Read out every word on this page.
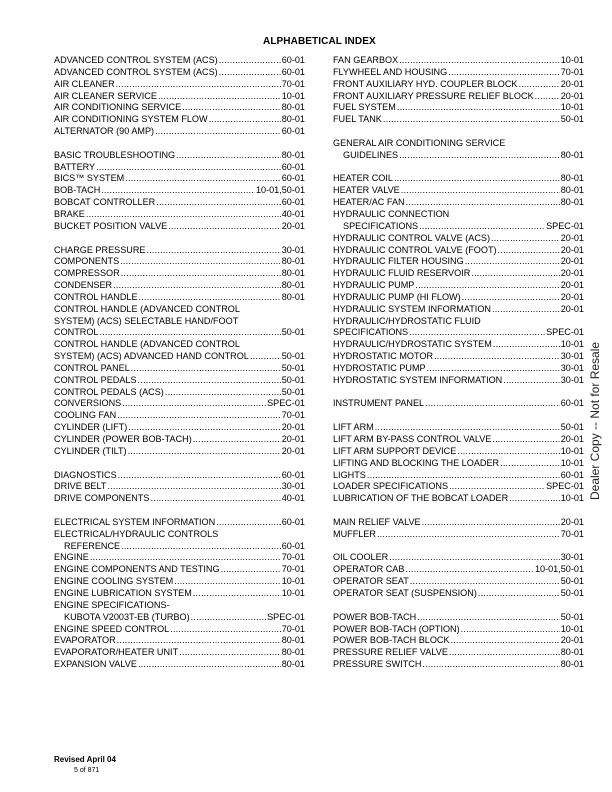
ALPHABETICAL INDEX
ADVANCED CONTROL SYSTEM (ACS) .....	60-01
ADVANCED CONTROL SYSTEM (ACS) .....	60-01
AIR CLEANER .....	70-01
AIR CLEANER SERVICE .....	10-01
AIR CONDITIONING SERVICE .....	80-01
AIR CONDITIONING SYSTEM FLOW .....	80-01
ALTERNATOR (90 AMP) .....	60-01
BASIC TROUBLESHOOTING .....	80-01
BATTERY .....	60-01
BICS™ SYSTEM .....	60-01
BOB-TACH .....	10-01,50-01
BOBCAT CONTROLLER .....	60-01
BRAKE .....	40-01
BUCKET POSITION VALVE .....	20-01
CHARGE PRESSURE .....	30-01
COMPONENTS .....	80-01
COMPRESSOR .....	80-01
CONDENSER .....	80-01
CONTROL HANDLE .....	80-01
CONTROL HANDLE (ADVANCED CONTROL
SYSTEM) (ACS) SELECTABLE HAND/FOOT
CONTROL .....	50-01
CONTROL HANDLE (ADVANCED CONTROL
SYSTEM) (ACS) ADVANCED HAND CONTROL .....	50-01
CONTROL PANEL .....	50-01
CONTROL PEDALS .....	50-01
CONTROL PEDALS (ACS) .....	50-01
CONVERSIONS .....	SPEC-01
COOLING FAN .....	70-01
CYLINDER (LIFT) .....	20-01
CYLINDER (POWER BOB-TACH) .....	20-01
CYLINDER (TILT) .....	20-01
DIAGNOSTICS .....	60-01
DRIVE BELT .....	30-01
DRIVE COMPONENTS .....	40-01
ELECTRICAL SYSTEM INFORMATION .....	60-01
ELECTRICAL/HYDRAULIC CONTROLS
REFERENCE .....	60-01
ENGINE .....	70-01
ENGINE COMPONENTS AND TESTING .....	70-01
ENGINE COOLING SYSTEM .....	10-01
ENGINE LUBRICATION SYSTEM .....	10-01
ENGINE SPECIFICATIONS-
KUBOTA V2003T-EB (TURBO) .....	SPEC-01
ENGINE SPEED CONTROL .....	70-01
EVAPORATOR .....	80-01
EVAPORATOR/HEATER UNIT .....	80-01
EXPANSION VALVE .....	80-01
FAN GEARBOX .....	10-01
FLYWHEEL AND HOUSING .....	70-01
FRONT AUXILIARY HYD. COUPLER BLOCK .....	20-01
FRONT AUXILIARY PRESSURE RELIEF BLOCK .....	20-01
FUEL SYSTEM .....	10-01
FUEL TANK .....	50-01
GENERAL AIR CONDITIONING SERVICE
GUIDELINES .....	80-01
HEATER COIL .....	80-01
HEATER VALVE .....	80-01
HEATER/AC FAN .....	80-01
HYDRAULIC CONNECTION
SPECIFICATIONS .....	SPEC-01
HYDRAULIC CONTROL VALVE (ACS) .....	20-01
HYDRAULIC CONTROL VALVE (FOOT) .....	20-01
HYDRAULIC FILTER HOUSING .....	20-01
HYDRAULIC FLUID RESERVOIR .....	20-01
HYDRAULIC PUMP .....	20-01
HYDRAULIC PUMP (HI FLOW) .....	20-01
HYDRAULIC SYSTEM INFORMATION .....	20-01
HYDRAULIC/HYDROSTATIC FLUID
SPECIFICATIONS .....	SPEC-01
HYDRAULIC/HYDROSTATIC SYSTEM .....	10-01
HYDROSTATIC MOTOR .....	30-01
HYDROSTATIC PUMP .....	30-01
HYDROSTATIC SYSTEM INFORMATION .....	30-01
INSTRUMENT PANEL .....	60-01
LIFT ARM .....	50-01
LIFT ARM BY-PASS CONTROL VALVE .....	20-01
LIFT ARM SUPPORT DEVICE .....	10-01
LIFTING AND BLOCKING THE LOADER .....	10-01
LIGHTS .....	60-01
LOADER SPECIFICATIONS .....	SPEC-01
LUBRICATION OF THE BOBCAT LOADER .....	10-01
MAIN RELIEF VALVE .....	20-01
MUFFLER .....	70-01
OIL COOLER .....	30-01
OPERATOR CAB .....	10-01,50-01
OPERATOR SEAT .....	50-01
OPERATOR SEAT (SUSPENSION) .....	50-01
POWER BOB-TACH .....	50-01
POWER BOB-TACH (OPTION) .....	10-01
POWER BOB-TACH BLOCK .....	20-01
PRESSURE RELIEF VALVE .....	80-01
PRESSURE SWITCH .....	80-01
Revised April 04
5 of 871
Dealer Copy -- Not for Resale
